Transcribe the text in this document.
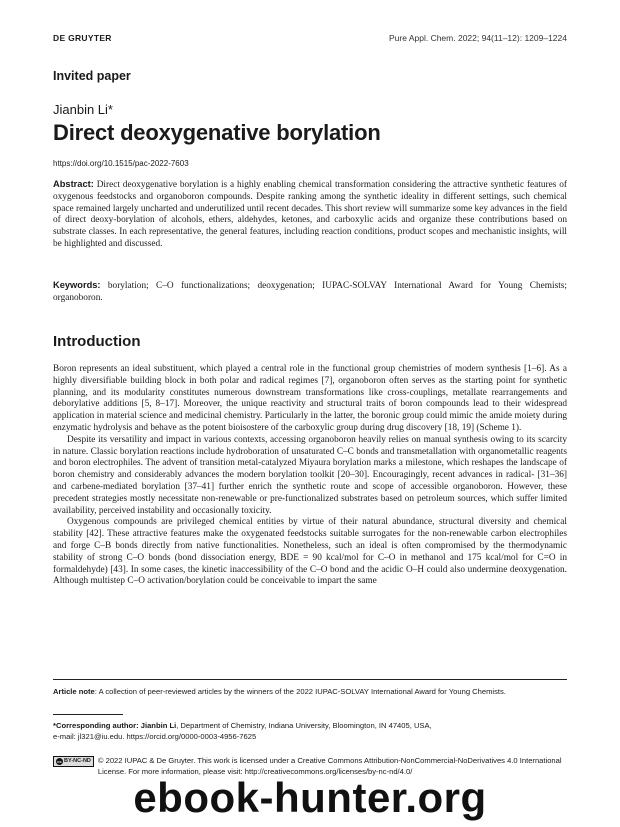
DE GRUYTER	Pure Appl. Chem. 2022; 94(11–12): 1209–1224
Invited paper
Jianbin Li*
Direct deoxygenative borylation
https://doi.org/10.1515/pac-2022-7603
Abstract: Direct deoxygenative borylation is a highly enabling chemical transformation considering the attractive synthetic features of oxygenous feedstocks and organoboron compounds. Despite ranking among the synthetic ideality in different settings, such chemical space remained largely uncharted and underutilized until recent decades. This short review will summarize some key advances in the field of direct deoxy-borylation of alcohols, ethers, aldehydes, ketones, and carboxylic acids and organize these contributions based on substrate classes. In each representative, the general features, including reaction conditions, product scopes and mechanistic insights, will be highlighted and discussed.
Keywords: borylation; C–O functionalizations; deoxygenation; IUPAC-SOLVAY International Award for Young Chemists; organoboron.
Introduction

Boron represents an ideal substituent, which played a central role in the functional group chemistries of modern synthesis [1–6]. As a highly diversifiable building block in both polar and radical regimes [7], organoboron often serves as the starting point for synthetic planning, and its modularity constitutes numerous downstream transformations like cross-couplings, metallate rearrangements and deborylative additions [5, 8–17]. Moreover, the unique reactivity and structural traits of boron compounds lead to their widespread application in material science and medicinal chemistry. Particularly in the latter, the boronic group could mimic the amide moiety during enzymatic hydrolysis and behave as the potent bioisostere of the carboxylic group during drug discovery [18, 19] (Scheme 1).

Despite its versatility and impact in various contexts, accessing organoboron heavily relies on manual synthesis owing to its scarcity in nature. Classic borylation reactions include hydroboration of unsaturated C–C bonds and transmetallation with organometallic reagents and boron electrophiles. The advent of transition metal-catalyzed Miyaura borylation marks a milestone, which reshapes the landscape of boron chemistry and considerably advances the modern borylation toolkit [20–30]. Encouragingly, recent advances in radical- [31–36] and carbene-mediated borylation [37–41] further enrich the synthetic route and scope of accessible organoboron. However, these precedent strategies mostly necessitate non-renewable or pre-functionalized substrates based on petroleum sources, which suffer limited availability, perceived instability and occasionally toxicity.

Oxygenous compounds are privileged chemical entities by virtue of their natural abundance, structural diversity and chemical stability [42]. These attractive features make the oxygenated feedstocks suitable surrogates for the non-renewable carbon electrophiles and forge C–B bonds directly from native functionalities. Nonetheless, such an ideal is often compromised by the thermodynamic stability of strong C–O bonds (bond dissociation energy, BDE = 90 kcal/mol for C–O in methanol and 175 kcal/mol for C=O in formaldehyde) [43]. In some cases, the kinetic inaccessibility of the C–O bond and the acidic O–H could also undermine deoxygenation. Although multistep C–O activation/borylation could be conceivable to impart the same

Article note: A collection of peer-reviewed articles by the winners of the 2022 IUPAC-SOLVAY International Award for Young Chemists.
*Corresponding author: Jianbin Li, Department of Chemistry, Indiana University, Bloomington, IN 47405, USA,
e-mail: jl321@iu.edu. https://orcid.org/0000-0003-4956-7625
cc BY-NC-ND © 2022 IUPAC & De Gruyter. This work is licensed under a Creative Commons Attribution-NonCommercial-NoDerivatives 4.0 International License. For more information, please visit: http://creativecommons.org/licenses/by-nc-nd/4.0/
ebook-hunter.org
